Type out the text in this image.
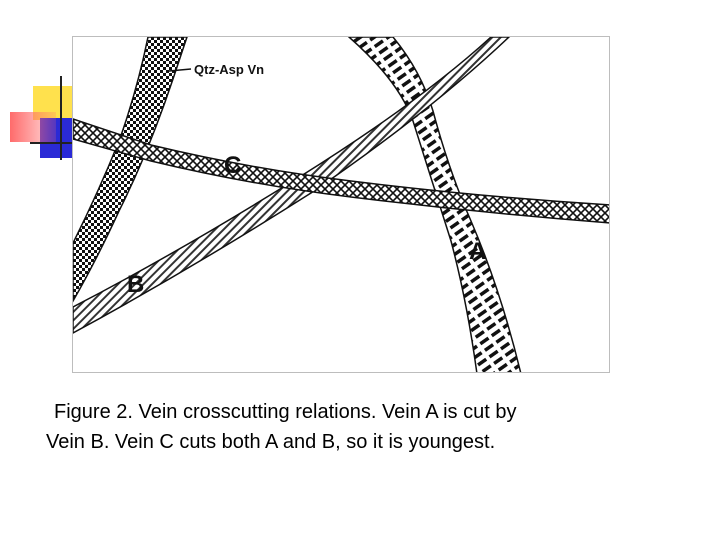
Qtz-Asp Vn
C
A
B
Figure 2. Vein crosscutting relations. Vein A is cut by
Vein B. Vein C cuts both A and B, so it is youngest.
